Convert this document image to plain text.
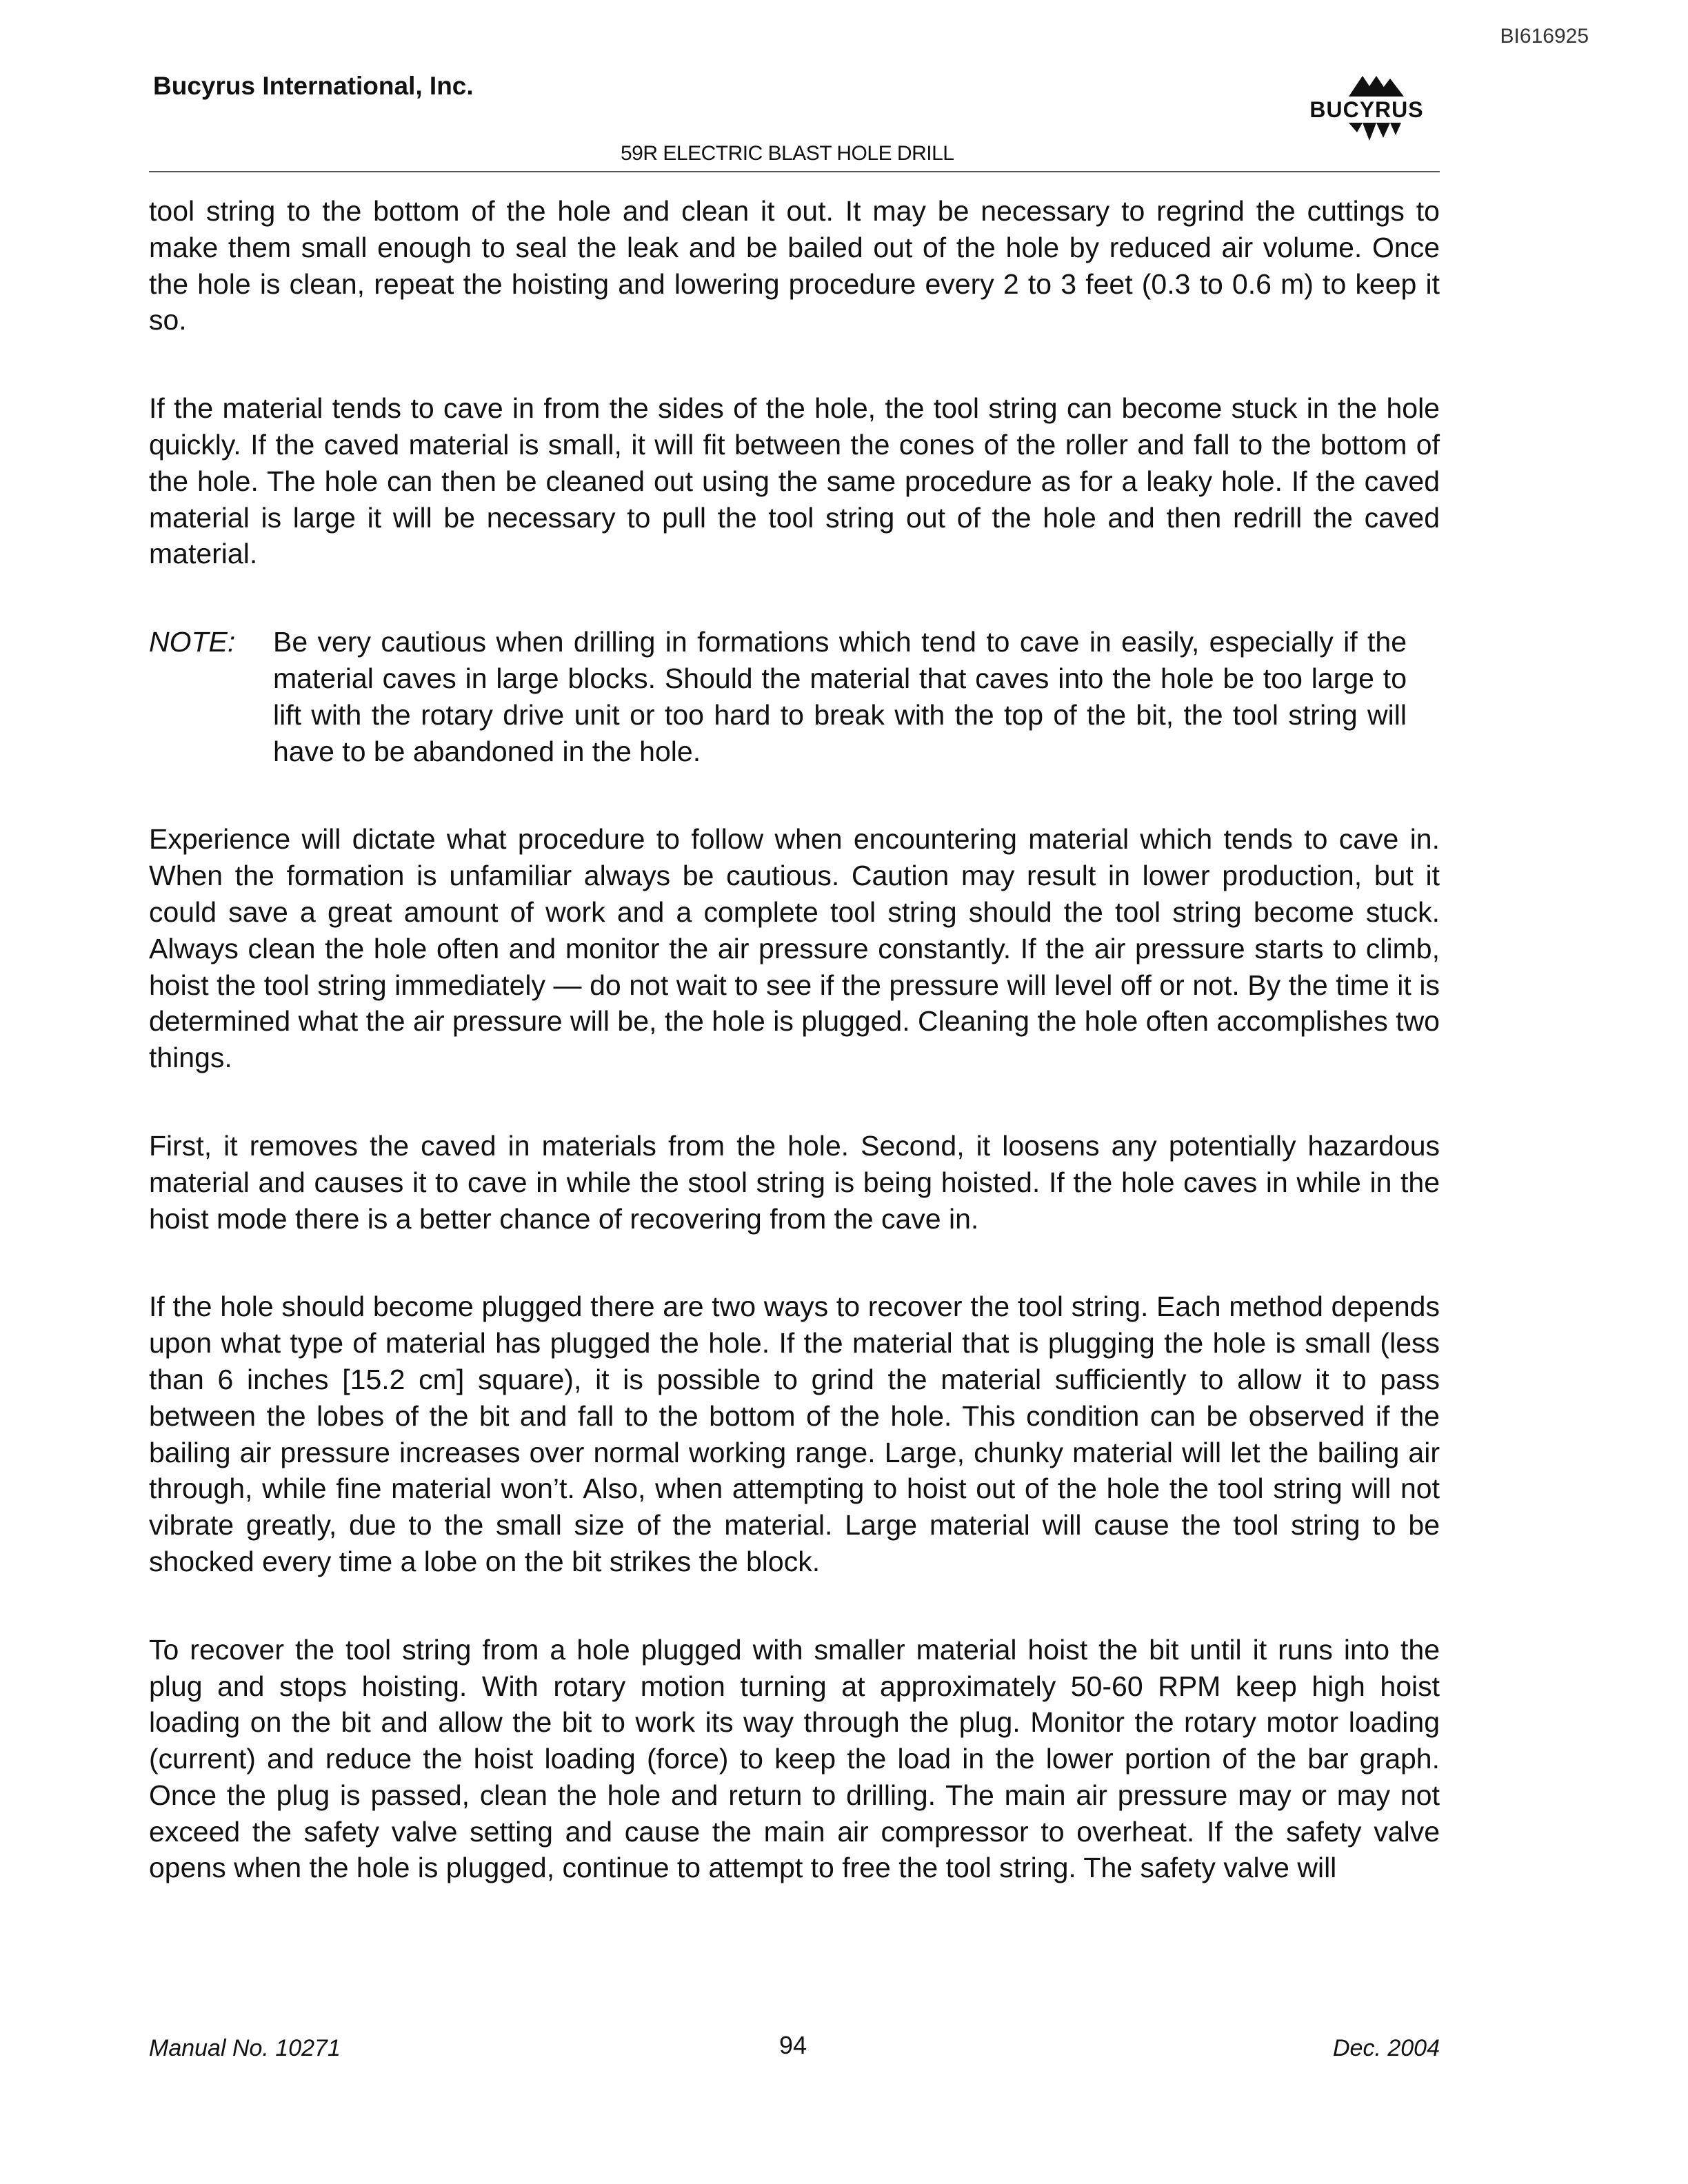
BI616925
Bucyrus International, Inc.
BUCYRUS
59R ELECTRIC BLAST HOLE DRILL

tool string to the bottom of the hole and clean it out. It may be necessary to regrind the cuttings to make them small enough to seal the leak and be bailed out of the hole by reduced air volume. Once the hole is clean, repeat the hoisting and lowering procedure every 2 to 3 feet (0.3 to 0.6 m) to keep it so.

If the material tends to cave in from the sides of the hole, the tool string can become stuck in the hole quickly. If the caved material is small, it will fit between the cones of the roller and fall to the bottom of the hole. The hole can then be cleaned out using the same procedure as for a leaky hole. If the caved material is large it will be necessary to pull the tool string out of the hole and then redrill the caved material.

NOTE:	Be very cautious when drilling in formations which tend to cave in easily, especially if the material caves in large blocks. Should the material that caves into the hole be too large to lift with the rotary drive unit or too hard to break with the top of the bit, the tool string will have to be abandoned in the hole.

Experience will dictate what procedure to follow when encountering material which tends to cave in. When the formation is unfamiliar always be cautious. Caution may result in lower production, but it could save a great amount of work and a complete tool string should the tool string become stuck. Always clean the hole often and monitor the air pressure constantly. If the air pressure starts to climb, hoist the tool string immediately — do not wait to see if the pressure will level off or not. By the time it is determined what the air pressure will be, the hole is plugged. Cleaning the hole often accomplishes two things.

First, it removes the caved in materials from the hole. Second, it loosens any potentially hazardous material and causes it to cave in while the stool string is being hoisted. If the hole caves in while in the hoist mode there is a better chance of recovering from the cave in.

If the hole should become plugged there are two ways to recover the tool string. Each method depends upon what type of material has plugged the hole. If the material that is plugging the hole is small (less than 6 inches [15.2 cm] square), it is possible to grind the material sufficiently to allow it to pass between the lobes of the bit and fall to the bottom of the hole. This condition can be observed if the bailing air pressure increases over normal working range. Large, chunky material will let the bailing air through, while fine material won’t. Also, when attempting to hoist out of the hole the tool string will not vibrate greatly, due to the small size of the material. Large material will cause the tool string to be shocked every time a lobe on the bit strikes the block.

To recover the tool string from a hole plugged with smaller material hoist the bit until it runs into the plug and stops hoisting. With rotary motion turning at approximately 50-60 RPM keep high hoist loading on the bit and allow the bit to work its way through the plug. Monitor the rotary motor loading (current) and reduce the hoist loading (force) to keep the load in the lower portion of the bar graph. Once the plug is passed, clean the hole and return to drilling. The main air pressure may or may not exceed the safety valve setting and cause the main air compressor to overheat. If the safety valve opens when the hole is plugged, continue to attempt to free the tool string. The safety valve will

Manual No. 10271	94	Dec. 2004
